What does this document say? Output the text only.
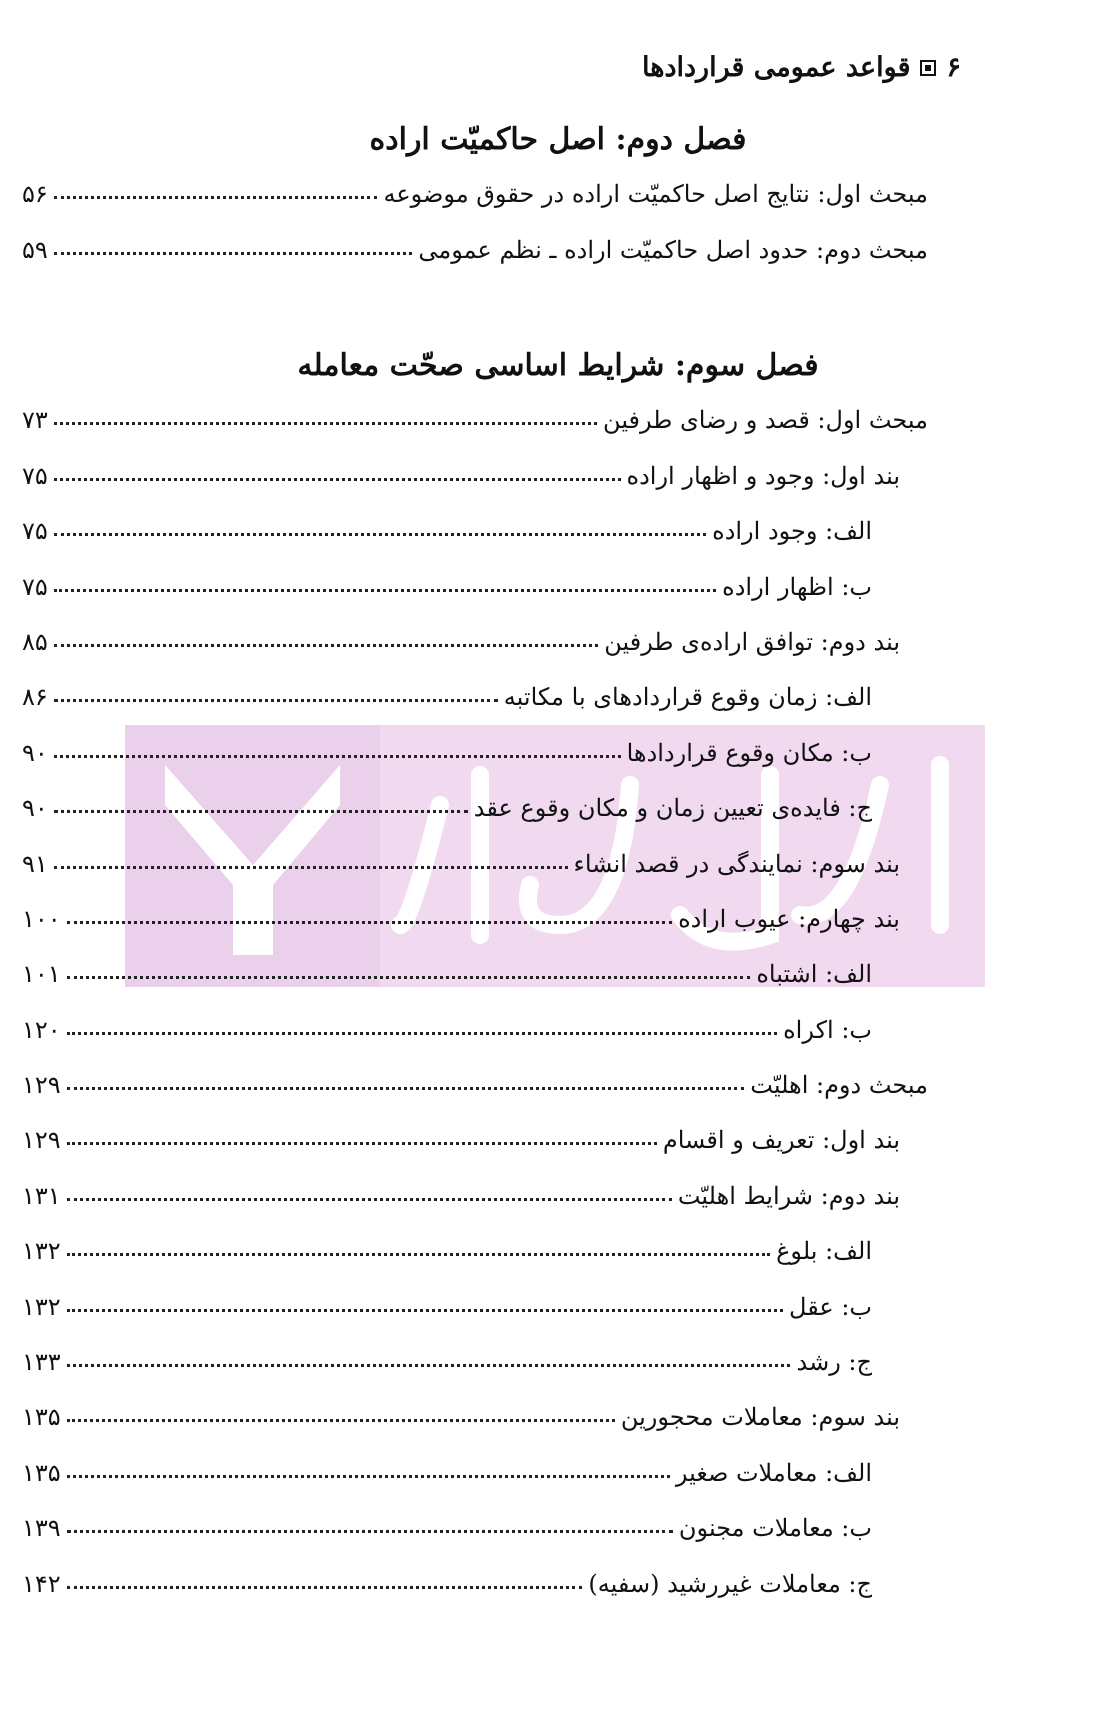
۶
قواعد عمومی قراردادها
فصل دوم: اصل حاکمیّت اراده
فصل سوم: شرایط اساسی صحّت معامله
مبحث اول: نتایج اصل حاکمیّت اراده در حقوق موضوعه
۵۶
مبحث دوم: حدود اصل حاکمیّت اراده ـ نظم عمومی
۵۹
مبحث اول: قصد و رضای طرفین
۷۳
بند اول: وجود و اظهار اراده
۷۵
الف: وجود اراده
۷۵
ب: اظهار اراده
۷۵
بند دوم: توافق اراده‌ی طرفین
۸۵
الف: زمان وقوع قراردادهای با مکاتبه
۸۶
ب: مکان وقوع قراردادها
۹۰
ج: فایده‌ی تعیین زمان و مکان وقوع عقد
۹۰
بند سوم: نمایندگی در قصد انشاء
۹۱
بند چهارم: عیوب اراده
۱۰۰
الف: اشتباه
۱۰۱
ب: اکراه
۱۲۰
مبحث دوم: اهلیّت
۱۲۹
بند اول: تعریف و اقسام
۱۲۹
بند دوم: شرایط اهلیّت
۱۳۱
الف: بلوغ
۱۳۲
ب: عقل
۱۳۲
ج: رشد
۱۳۳
بند سوم: معاملات محجورین
۱۳۵
الف: معاملات صغیر
۱۳۵
ب: معاملات مجنون
۱۳۹
ج: معاملات غیررشید (سفیه)
۱۴۲
